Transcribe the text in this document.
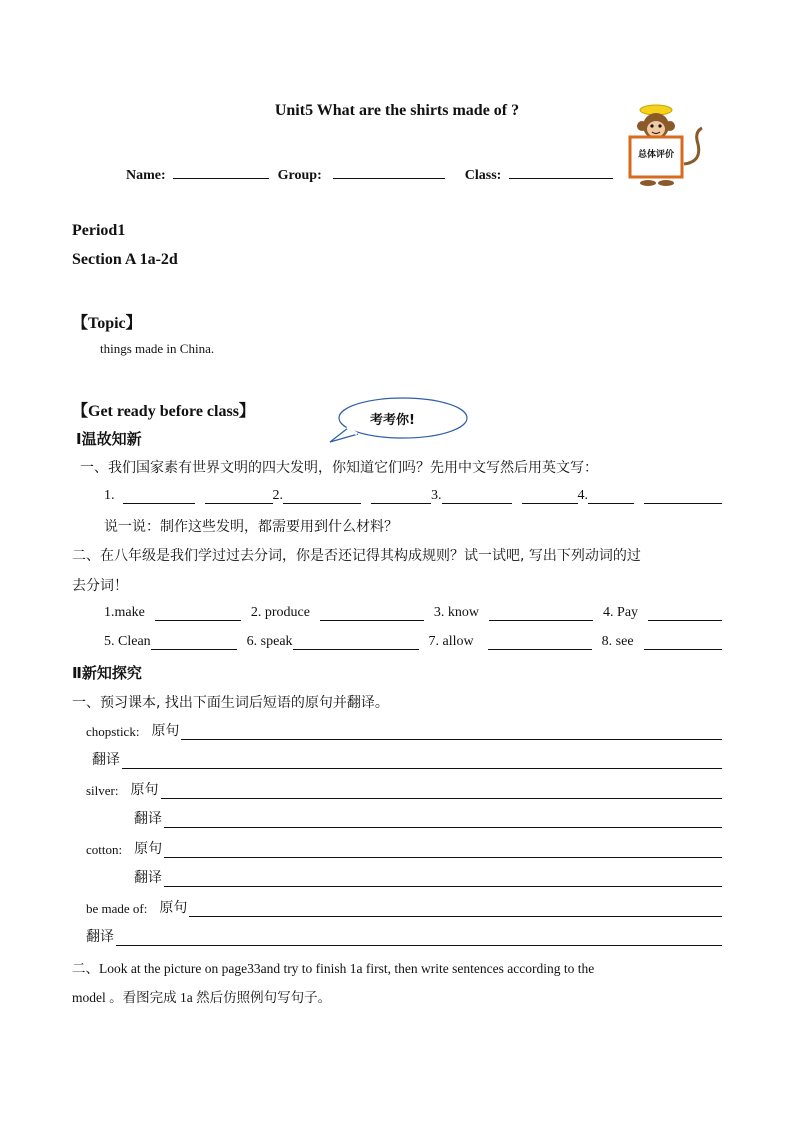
Unit5 What are the shirts made of ?
总体评价
Name:	Group:	Class:
Period1
Section A 1a-2d
【Topic】
things made in China.
【Get ready before class】
考考你!
Ⅰ温故知新
一、我们国家素有世界文明的四大发明，你知道它们吗？先用中文写然后用英文写：
1.	2.	3.	4.
说一说：制作这些发明，都需要用到什么材料？
二、在八年级是我们学过过去分词，你是否还记得其构成规则？试一试吧, 写出下列动词的过
去分词！
1.make	2. produce	3. know	4. Pay
5. Clean	6. speak	7. allow	8. see
Ⅱ新知探究
一、预习课本, 找出下面生词后短语的原句并翻译。
chopstick: 原句
翻译
silver: 原句
翻译
cotton: 原句
翻译
be made of: 原句
翻译
二、Look at the picture on page33and try to finish 1a first, then write sentences according to the
model 。看图完成 1a 然后仿照例句写句子。
